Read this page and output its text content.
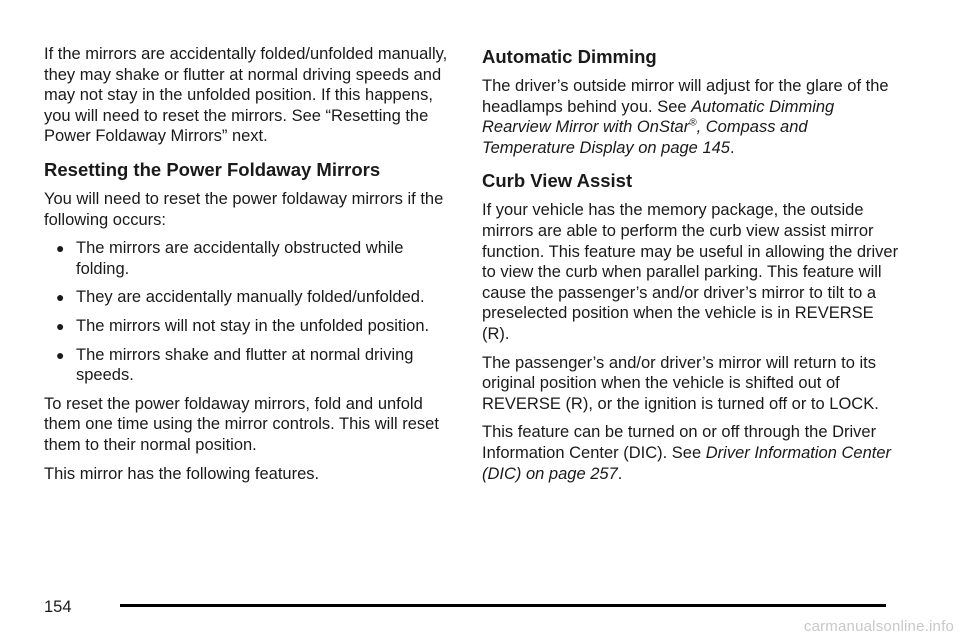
If the mirrors are accidentally folded/unfolded manually, they may shake or flutter at normal driving speeds and may not stay in the unfolded position. If this happens, you will need to reset the mirrors. See “Resetting the Power Foldaway Mirrors” next.

Resetting the Power Foldaway Mirrors

You will need to reset the power foldaway mirrors if the following occurs:

● The mirrors are accidentally obstructed while folding.
● They are accidentally manually folded/unfolded.
● The mirrors will not stay in the unfolded position.
● The mirrors shake and flutter at normal driving speeds.

To reset the power foldaway mirrors, fold and unfold them one time using the mirror controls. This will reset them to their normal position.

This mirror has the following features.

Automatic Dimming

The driver’s outside mirror will adjust for the glare of the headlamps behind you. See Automatic Dimming Rearview Mirror with OnStar®, Compass and Temperature Display on page 145.

Curb View Assist

If your vehicle has the memory package, the outside mirrors are able to perform the curb view assist mirror function. This feature may be useful in allowing the driver to view the curb when parallel parking. This feature will cause the passenger’s and/or driver’s mirror to tilt to a preselected position when the vehicle is in REVERSE (R).

The passenger’s and/or driver’s mirror will return to its original position when the vehicle is shifted out of REVERSE (R), or the ignition is turned off or to LOCK.

This feature can be turned on or off through the Driver Information Center (DIC). See Driver Information Center (DIC) on page 257.

154
carmanualsonline.info
